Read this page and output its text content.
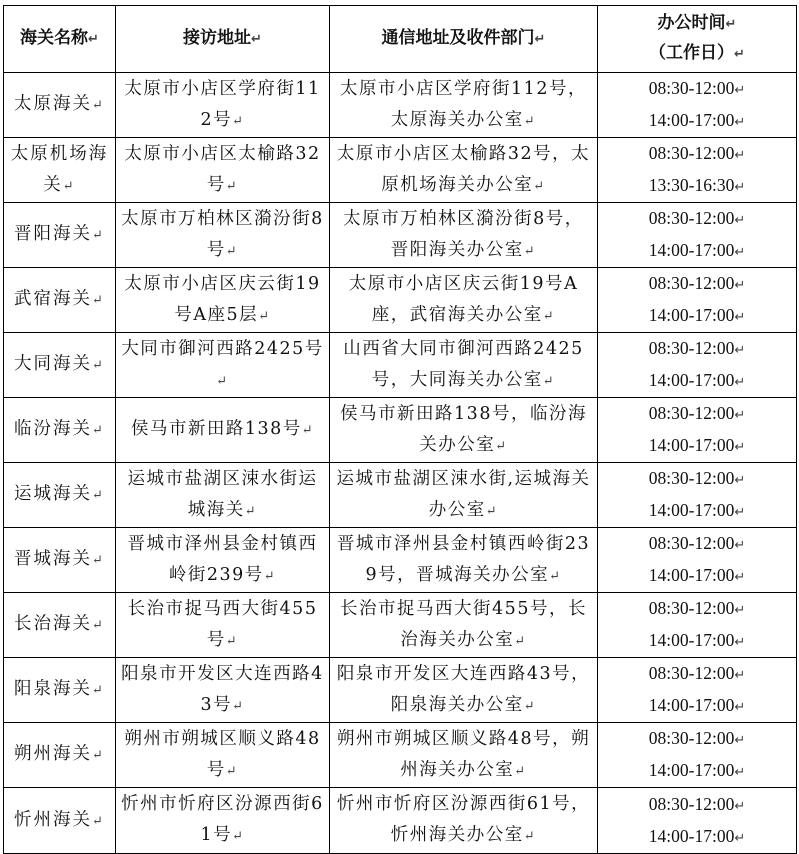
海关名称↵	接访地址↵	通信地址及收件部门↵	办公时间↵
（工作日）↵

太原海关↵	太原市小店区学府街112号↵	太原市小店区学府街112号，太原海关办公室↵	08:30-12:00↵
14:00-17:00↵

太原机场海关↵	太原市小店区太榆路32号↵	太原市小店区太榆路32号，太原机场海关办公室↵	08:30-12:00↵
13:30-16:30↵

晋阳海关↵	太原市万柏林区漪汾街8号↵	太原市万柏林区漪汾街8号，晋阳海关办公室↵	08:30-12:00↵
14:00-17:00↵

武宿海关↵	太原市小店区庆云街19号A座5层↵	太原市小店区庆云街19号A座，武宿海关办公室↵	08:30-12:00↵
14:00-17:00↵

大同海关↵	大同市御河西路2425号↵	山西省大同市御河西路2425号，大同海关办公室↵	08:30-12:00↵
14:00-17:00↵

临汾海关↵	侯马市新田路138号↵	侯马市新田路138号，临汾海关办公室↵	08:30-12:00↵
14:00-17:00↵

运城海关↵	运城市盐湖区涑水街运城海关↵	运城市盐湖区涑水街,运城海关办公室↵	08:30-12:00↵
14:00-17:00↵

晋城海关↵	晋城市泽州县金村镇西岭街239号↵	晋城市泽州县金村镇西岭街239号，晋城海关办公室↵	08:30-12:00↵
14:00-17:00↵

长治海关↵	长治市捉马西大街455号↵	长治市捉马西大街455号，长治海关办公室↵	08:30-12:00↵
14:00-17:00↵

阳泉海关↵	阳泉市开发区大连西路43号↵	阳泉市开发区大连西路43号，阳泉海关办公室↵	08:30-12:00↵
14:00-17:00↵

朔州海关↵	朔州市朔城区顺义路48号↵	朔州市朔城区顺义路48号，朔州海关办公室↵	08:30-12:00↵
14:00-17:00↵

忻州海关↵	忻州市忻府区汾源西街61号↵	忻州市忻府区汾源西街61号，忻州海关办公室↵	08:30-12:00↵
14:00-17:00↵
